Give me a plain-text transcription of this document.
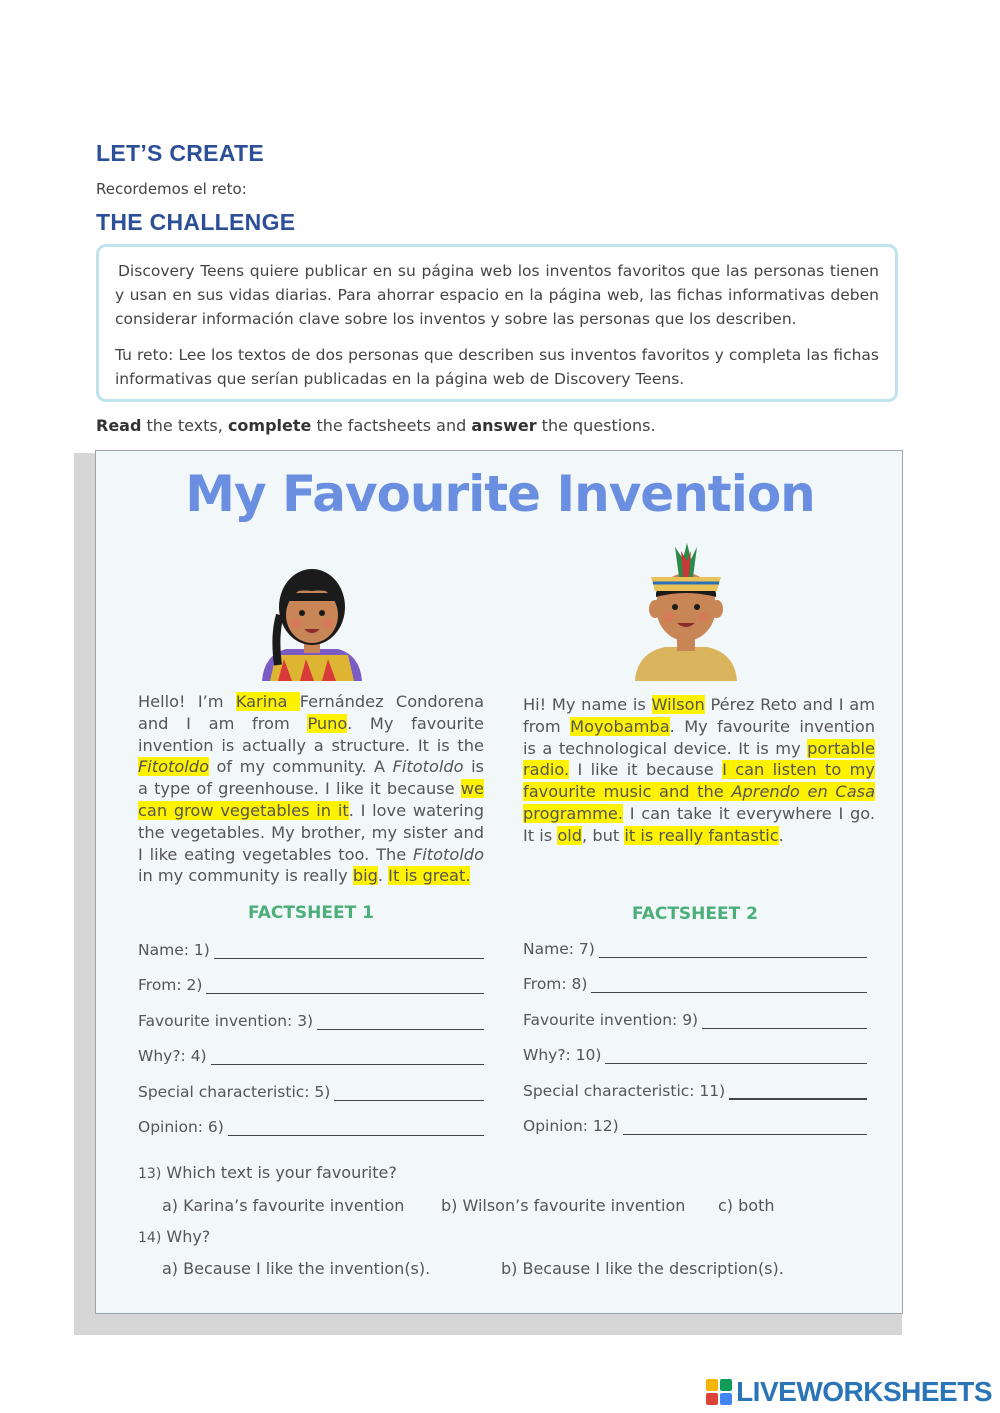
LET’S CREATE
Recordemos el reto:
THE CHALLENGE

Discovery Teens quiere publicar en su página web los inventos favoritos que las personas tienen y usan en sus vidas diarias. Para ahorrar espacio en la página web, las fichas informativas deben considerar información clave sobre los inventos y sobre las personas que los describen.

Tu reto: Lee los textos de dos personas que describen sus inventos favoritos y completa las fichas informativas que serían publicadas en la página web de Discovery Teens.

Read the texts, complete the factsheets and answer the questions.
My Favourite Invention
Hello! I’m Karina Fernández Condorena and I am from Puno. My favourite invention is actually a structure. It is the Fitotoldo of my community. A Fitotoldo is a type of greenhouse. I like it because we can grow vegetables in it. I love watering the vegetables. My brother, my sister and I like eating vegetables too. The Fitotoldo in my community is really big. It is great.
Hi! My name is Wilson Pérez Reto and I am from Moyobamba. My favourite invention is a technological device. It is my portable radio. I like it because I can listen to my favourite music and the Aprendo en Casa programme. I can take it everywhere I go. It is old, but it is really fantastic.
FACTSHEET 1
Name: 1)
From: 2)
Favourite invention: 3)
Why?: 4)
Special characteristic: 5)
Opinion: 6)
FACTSHEET 2
Name: 7)
From: 8)
Favourite invention: 9)
Why?: 10)
Special characteristic: 11)
Opinion: 12)
13) Which text is your favourite?
a) Karina’s favourite invention b) Wilson’s favourite invention c) both
14) Why?
a) Because I like the invention(s).	b) Because I like the description(s).
LIVEWORKSHEETS
